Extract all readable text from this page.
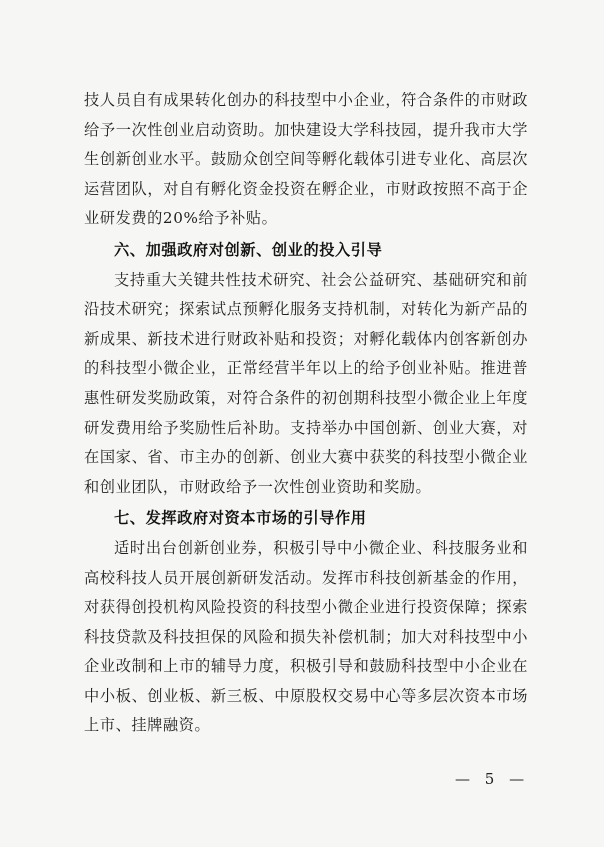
技人员自有成果转化创办的科技型中小企业，符合条件的市财政给予一次性创业启动资助。加快建设大学科技园，提升我市大学生创新创业水平。鼓励众创空间等孵化载体引进专业化、高层次运营团队，对自有孵化资金投资在孵企业，市财政按照不高于企业研发费的20%给予补贴。

六、加强政府对创新、创业的投入引导

支持重大关键共性技术研究、社会公益研究、基础研究和前沿技术研究；探索试点预孵化服务支持机制，对转化为新产品的新成果、新技术进行财政补贴和投资；对孵化载体内创客新创办的科技型小微企业，正常经营半年以上的给予创业补贴。推进普惠性研发奖励政策，对符合条件的初创期科技型小微企业上年度研发费用给予奖励性后补助。支持举办中国创新、创业大赛，对在国家、省、市主办的创新、创业大赛中获奖的科技型小微企业和创业团队，市财政给予一次性创业资助和奖励。

七、发挥政府对资本市场的引导作用

适时出台创新创业券，积极引导中小微企业、科技服务业和高校科技人员开展创新研发活动。发挥市科技创新基金的作用，对获得创投机构风险投资的科技型小微企业进行投资保障；探索科技贷款及科技担保的风险和损失补偿机制；加大对科技型中小企业改制和上市的辅导力度，积极引导和鼓励科技型中小企业在中小板、创业板、新三板、中原股权交易中心等多层次资本市场上市、挂牌融资。

— 5 —
